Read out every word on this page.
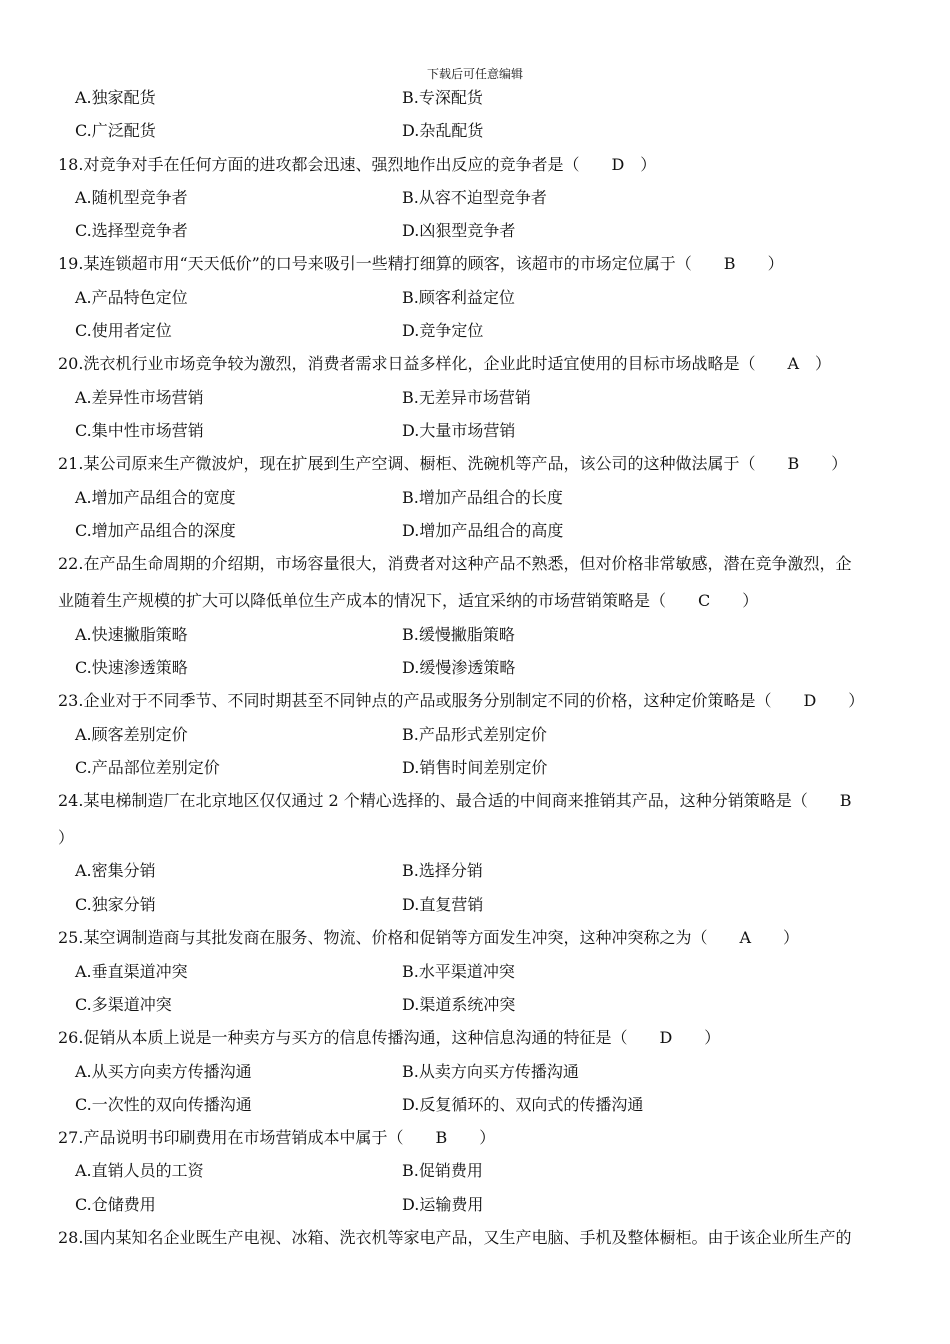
下载后可任意编辑
A.独家配货	B.专深配货
C.广泛配货	D.杂乱配货
18.对竞争对手在任何方面的进攻都会迅速、强烈地作出反应的竞争者是（　　D　）
A.随机型竞争者	B.从容不迫型竞争者
C.选择型竞争者	D.凶狠型竞争者
19.某连锁超市用“天天低价”的口号来吸引一些精打细算的顾客，该超市的市场定位属于（　　B　　）
A.产品特色定位	B.顾客利益定位
C.使用者定位	D.竞争定位
20.洗衣机行业市场竞争较为激烈，消费者需求日益多样化，企业此时适宜使用的目标市场战略是（　　A　）
A.差异性市场营销	B.无差异市场营销
C.集中性市场营销	D.大量市场营销
21.某公司原来生产微波炉，现在扩展到生产空调、橱柜、洗碗机等产品，该公司的这种做法属于（　　B　　）
A.增加产品组合的宽度	B.增加产品组合的长度
C.增加产品组合的深度	D.增加产品组合的高度
22.在产品生命周期的介绍期，市场容量很大，消费者对这种产品不熟悉，但对价格非常敏感，潜在竞争激烈，企
业随着生产规模的扩大可以降低单位生产成本的情况下，适宜采纳的市场营销策略是（　　C　　）
A.快速撇脂策略	B.缓慢撇脂策略
C.快速渗透策略	D.缓慢渗透策略
23.企业对于不同季节、不同时期甚至不同钟点的产品或服务分别制定不同的价格，这种定价策略是（　　D　　）
A.顾客差别定价	B.产品形式差别定价
C.产品部位差别定价	D.销售时间差别定价
24.某电梯制造厂在北京地区仅仅通过 2 个精心选择的、最合适的中间商来推销其产品，这种分销策略是（　　B
）
A.密集分销	B.选择分销
C.独家分销	D.直复营销
25.某空调制造商与其批发商在服务、物流、价格和促销等方面发生冲突，这种冲突称之为（　　A　　）
A.垂直渠道冲突	B.水平渠道冲突
C.多渠道冲突	D.渠道系统冲突
26.促销从本质上说是一种卖方与买方的信息传播沟通，这种信息沟通的特征是（　　D　　）
A.从买方向卖方传播沟通	B.从卖方向买方传播沟通
C.一次性的双向传播沟通	D.反复循环的、双向式的传播沟通
27.产品说明书印刷费用在市场营销成本中属于（　　B　　）
A.直销人员的工资	B.促销费用
C.仓储费用	D.运输费用
28.国内某知名企业既生产电视、冰箱、洗衣机等家电产品，又生产电脑、手机及整体橱柜。由于该企业所生产的
